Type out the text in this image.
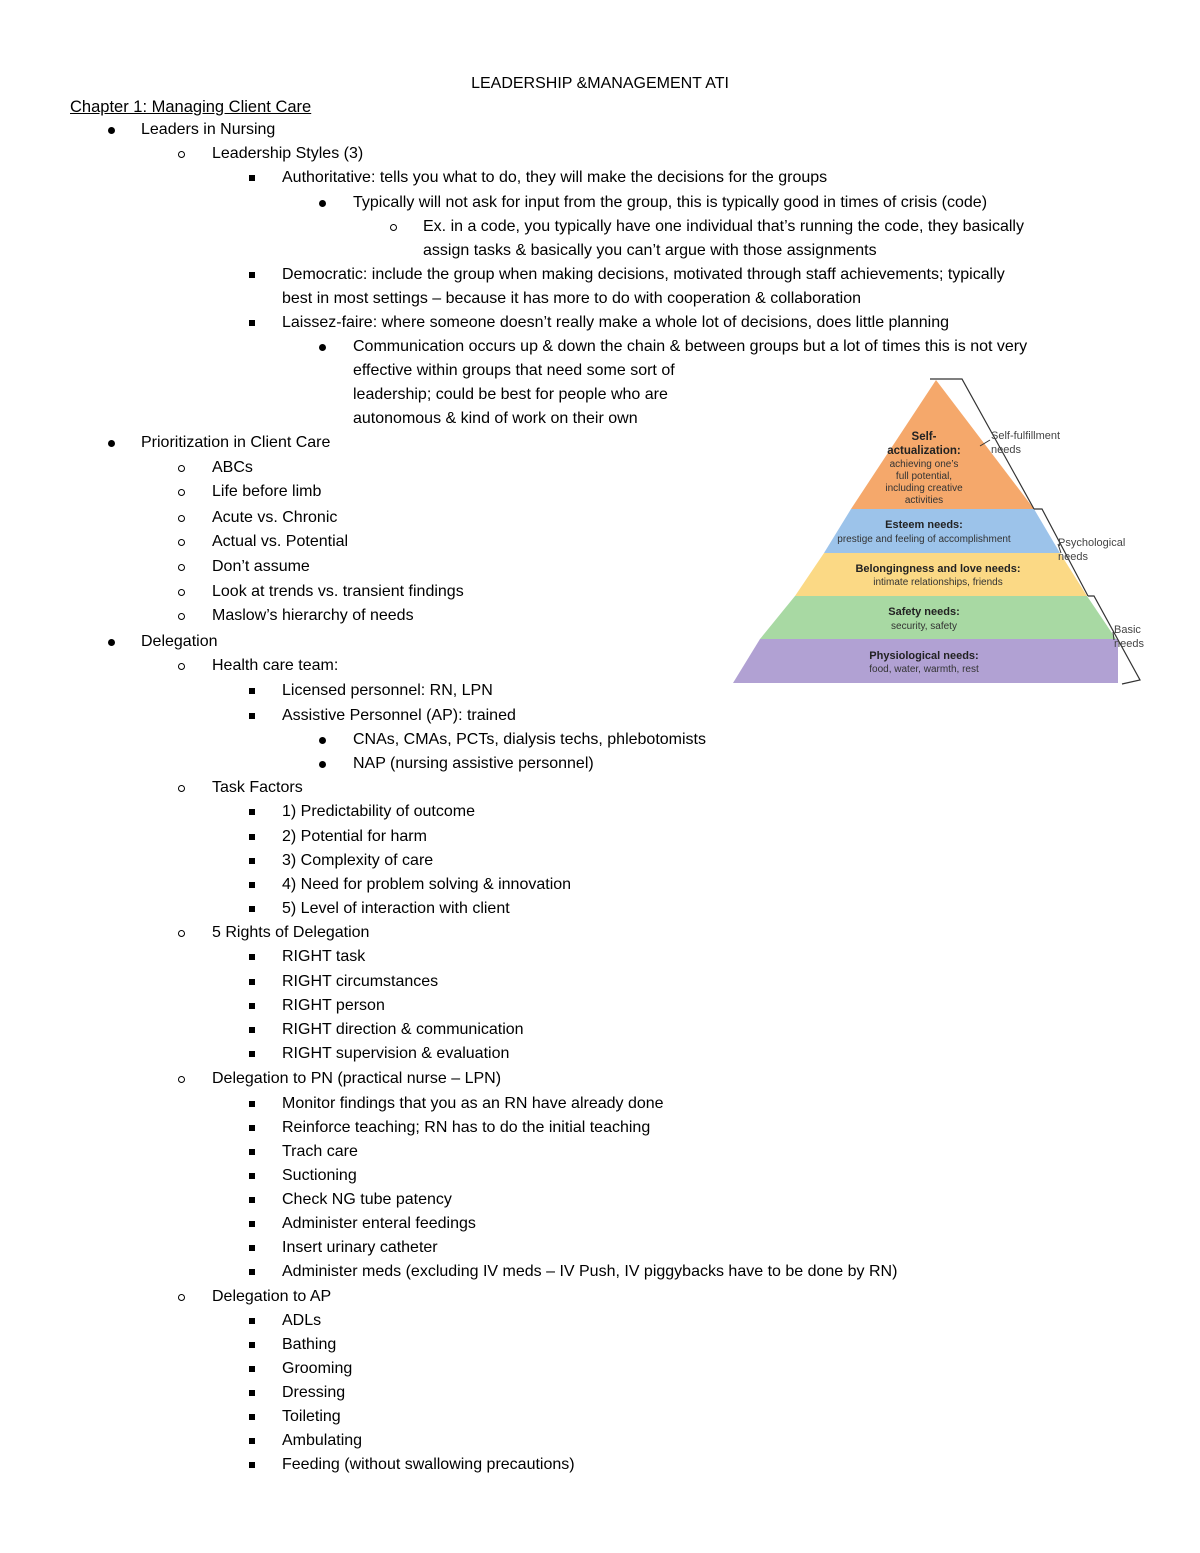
LEADERSHIP &MANAGEMENT ATI
Chapter 1: Managing Client Care
Leaders in Nursing
Leadership Styles (3)
Authoritative: tells you what to do, they will make the decisions for the groups
Typically will not ask for input from the group, this is typically good in times of crisis (code)
Ex. in a code, you typically have one individual that’s running the code, they basically
assign tasks & basically you can’t argue with those assignments
Democratic: include the group when making decisions, motivated through staff achievements; typically
best in most settings – because it has more to do with cooperation & collaboration
Laissez-faire: where someone doesn’t really make a whole lot of decisions, does little planning
Communication occurs up & down the chain & between groups but a lot of times this is not very
effective within groups that need some sort of
leadership; could be best for people who are
autonomous & kind of work on their own
Prioritization in Client Care
ABCs
Life before limb
Acute vs. Chronic
Actual vs. Potential
Don’t assume
Look at trends vs. transient findings
Maslow’s hierarchy of needs
Delegation
Health care team:
Licensed personnel: RN, LPN
Assistive Personnel (AP): trained
CNAs, CMAs, PCTs, dialysis techs, phlebotomists
NAP (nursing assistive personnel)
Task Factors
1) Predictability of outcome
2) Potential for harm
3) Complexity of care
4) Need for problem solving & innovation
5) Level of interaction with client
5 Rights of Delegation
RIGHT task
RIGHT circumstances
RIGHT person
RIGHT direction & communication
RIGHT supervision & evaluation
Delegation to PN (practical nurse – LPN)
Monitor findings that you as an RN have already done
Reinforce teaching; RN has to do the initial teaching
Trach care
Suctioning
Check NG tube patency
Administer enteral feedings
Insert urinary catheter
Administer meds (excluding IV meds – IV Push, IV piggybacks have to be done by RN)
Delegation to AP
ADLs
Bathing
Grooming
Dressing
Toileting
Ambulating
Feeding (without swallowing precautions)
Self-
actualization:
achieving one’s
full potential,
including creative
activities
Esteem needs:
prestige and feeling of accomplishment
Belongingness and love needs:
intimate relationships, friends
Safety needs:
security, safety
Physiological needs:
food, water, warmth, rest
Self-fulfillment
needs
Psychological
needs
Basic
needs
